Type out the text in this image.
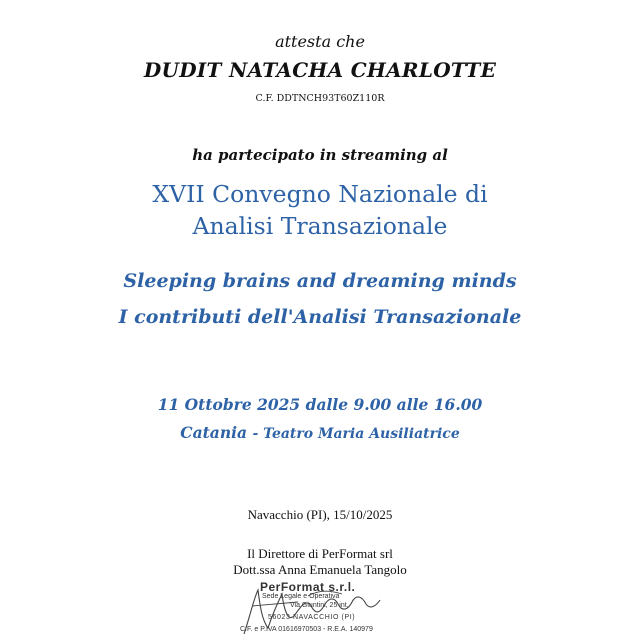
attesta che
DUDIT NATACHA CHARLOTTE
C.F. DDTNCH93T60Z110R
ha partecipato in streaming al
XVII Convegno Nazionale di
Analisi Transazionale
Sleeping brains and dreaming minds
I contributi dell'Analisi Transazionale
11 Ottobre 2025 dalle 9.00 alle 16.00
Catania - Teatro Maria Ausiliatrice
Navacchio (PI), 15/10/2025
Il Direttore di PerFormat srl
Dott.ssa Anna Emanuela Tangolo
PerFormat s.r.l.
Sede Legale e Operativa
Via Giuntini, 25 int.
56023 NAVACCHIO (PI)
C.F. e P.IVA 01616970503 - R.E.A. 140979
